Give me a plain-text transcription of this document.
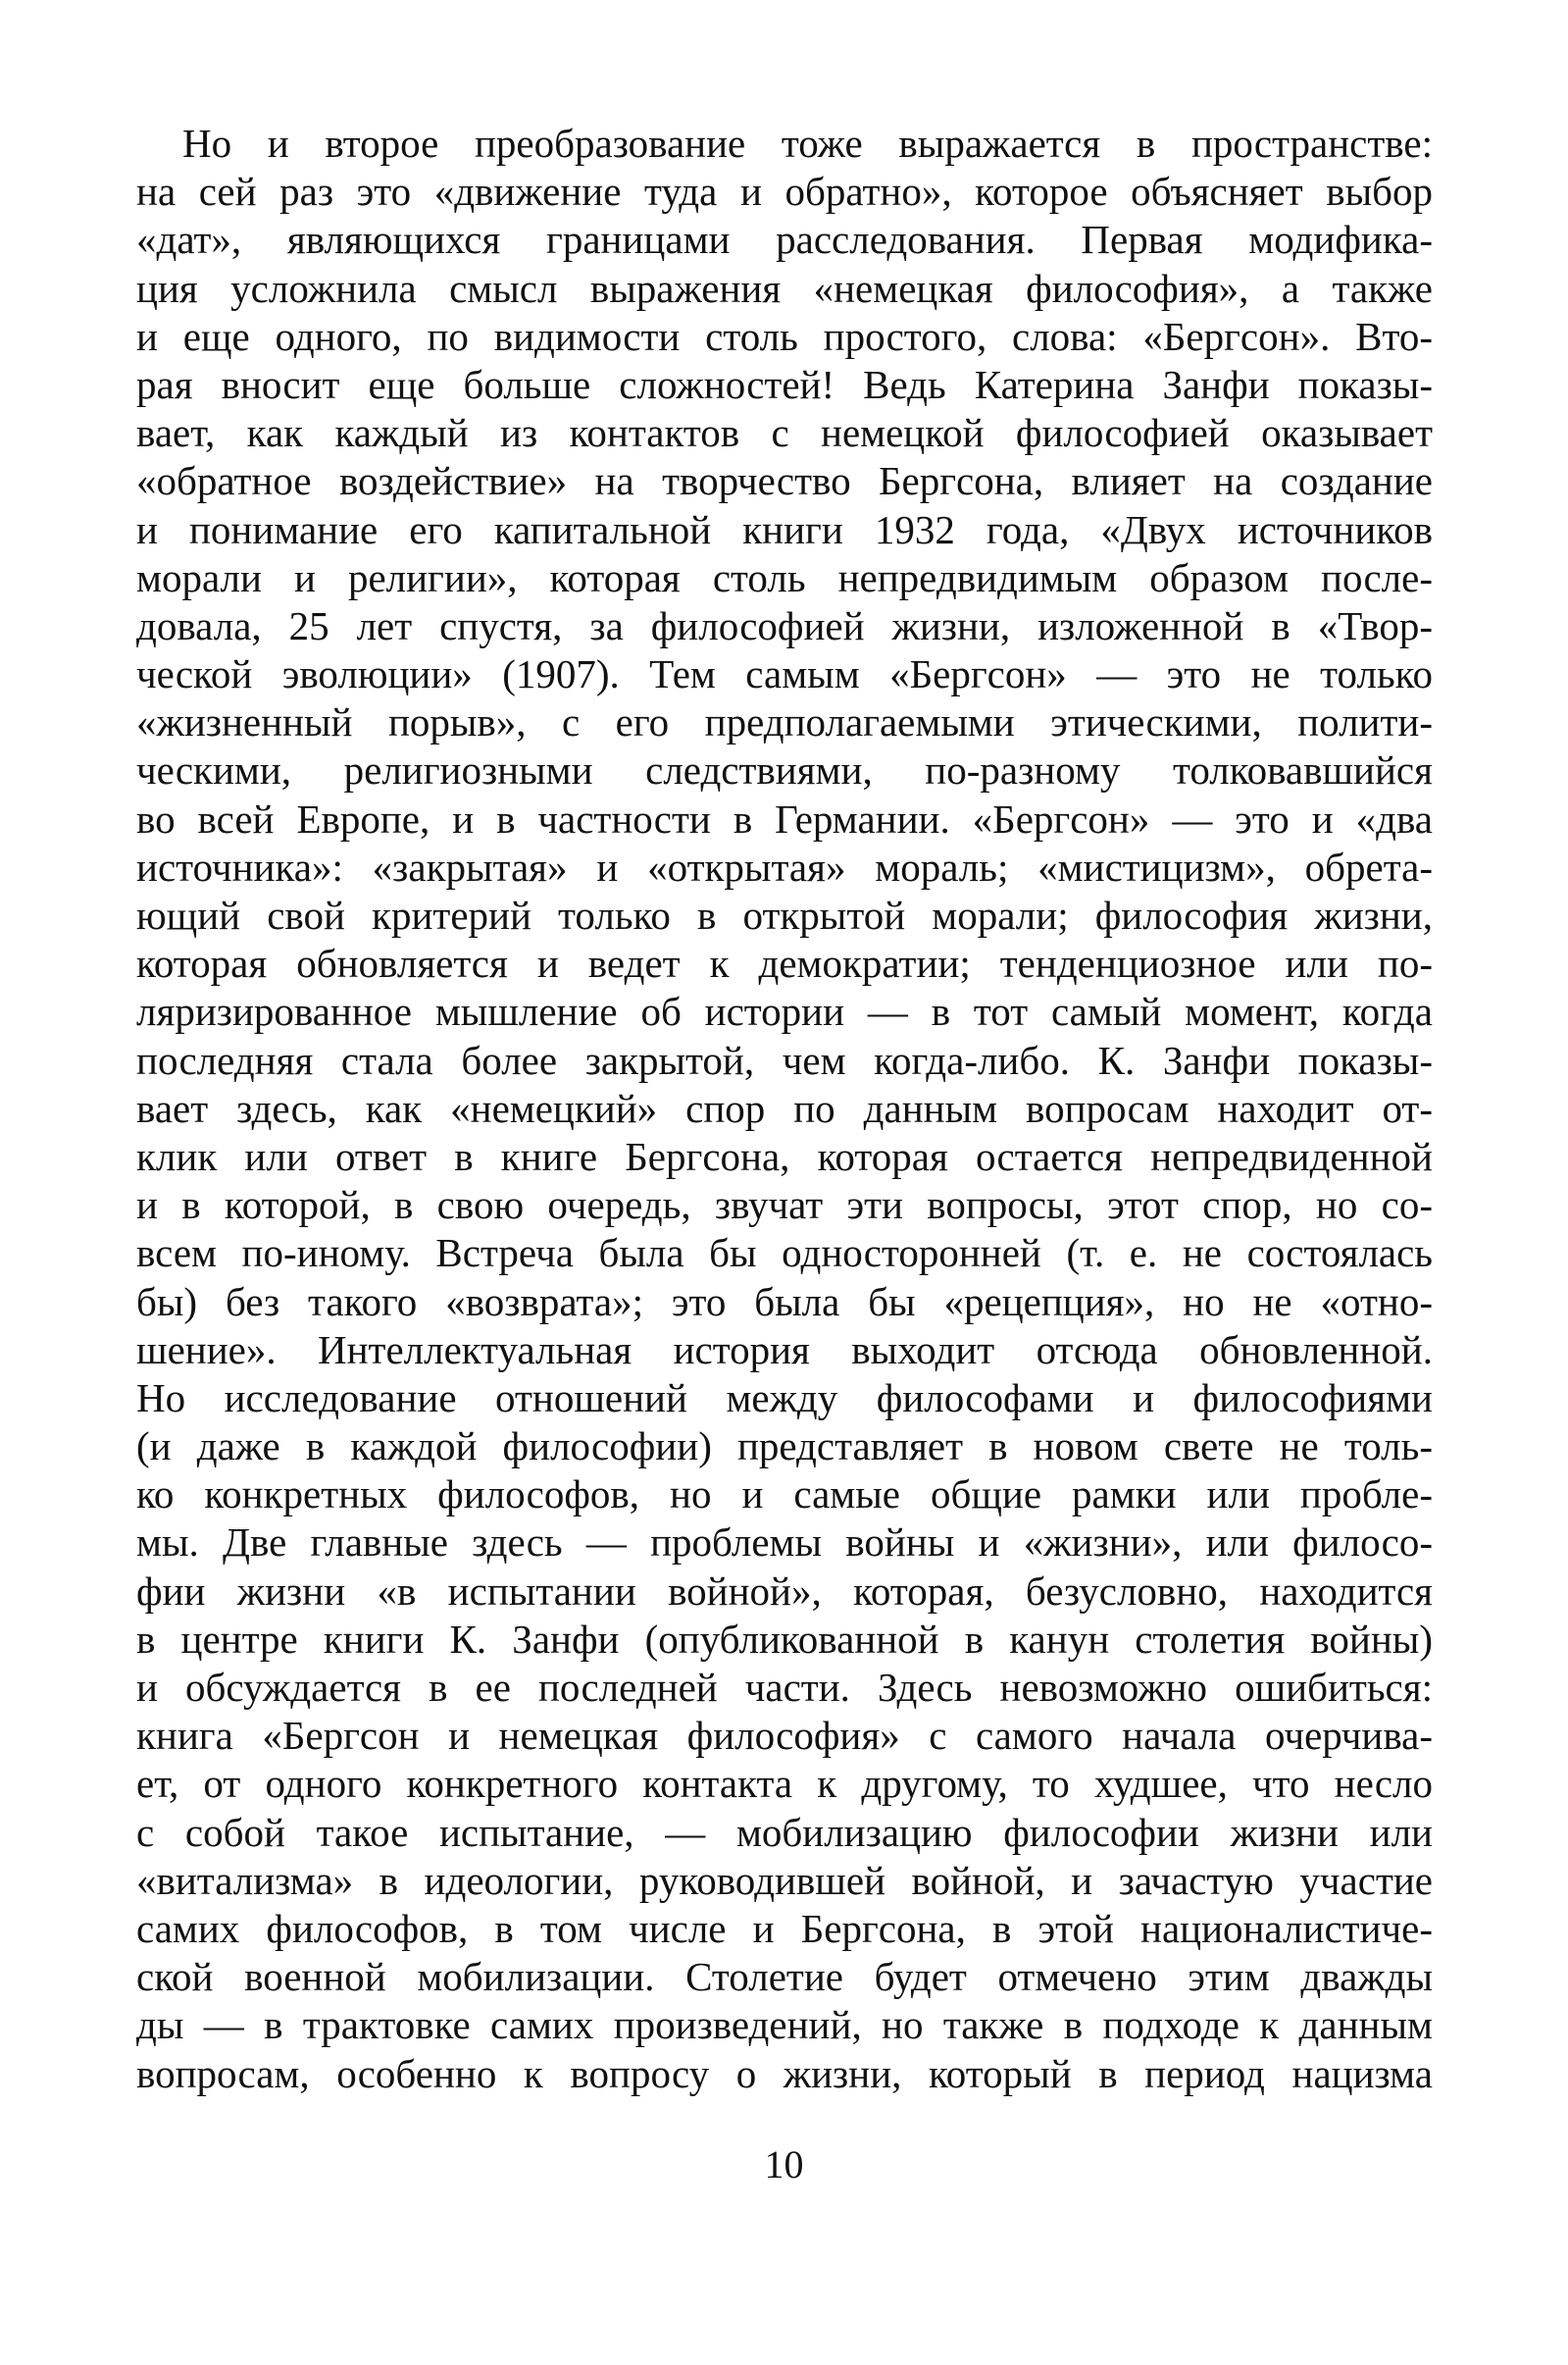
Но и второе преобразование тоже выражается в пространстве:
на сей раз это «движение туда и обратно», которое объясняет выбор
«дат», являющихся границами расследования. Первая модифика-
ция усложнила смысл выражения «немецкая философия», а также
и еще одного, по видимости столь простого, слова: «Бергсон». Вто-
рая вносит еще больше сложностей! Ведь Катерина Занфи показы-
вает, как каждый из контактов с немецкой философией оказывает
«обратное воздействие» на творчество Бергсона, влияет на создание
и понимание его капитальной книги 1932 года, «Двух источников
морали и религии», которая столь непредвидимым образом после-
довала, 25 лет спустя, за философией жизни, изложенной в «Твор-
ческой эволюции» (1907). Тем самым «Бергсон» — это не только
«жизненный порыв», с его предполагаемыми этическими, полити-
ческими, религиозными следствиями, по-разному толковавшийся
во всей Европе, и в частности в Германии. «Бергсон» — это и «два
источника»: «закрытая» и «открытая» мораль; «мистицизм», обрета-
ющий свой критерий только в открытой морали; философия жизни,
которая обновляется и ведет к демократии; тенденциозное или по-
ляризированное мышление об истории — в тот самый момент, когда
последняя стала более закрытой, чем когда-либо. К. Занфи показы-
вает здесь, как «немецкий» спор по данным вопросам находит от-
клик или ответ в книге Бергсона, которая остается непредвиденной
и в которой, в свою очередь, звучат эти вопросы, этот спор, но со-
всем по-иному. Встреча была бы односторонней (т. е. не состоялась
бы) без такого «возврата»; это была бы «рецепция», но не «отно-
шение». Интеллектуальная история выходит отсюда обновленной.
Но исследование отношений между философами и философиями
(и даже в каждой философии) представляет в новом свете не толь-
ко конкретных философов, но и самые общие рамки или пробле-
мы. Две главные здесь — проблемы войны и «жизни», или филосо-
фии жизни «в испытании войной», которая, безусловно, находится
в центре книги К. Занфи (опубликованной в канун столетия войны)
и обсуждается в ее последней части. Здесь невозможно ошибиться:
книга «Бергсон и немецкая философия» с самого начала очерчива-
ет, от одного конкретного контакта к другому, то худшее, что несло
с собой такое испытание, — мобилизацию философии жизни или
«витализма» в идеологии, руководившей войной, и зачастую участие
самих философов, в том числе и Бергсона, в этой националистиче-
ской военной мобилизации. Столетие будет отмечено этим дважды
ды — в трактовке самих произведений, но также в подходе к данным
вопросам, особенно к вопросу о жизни, который в период нацизма
10
